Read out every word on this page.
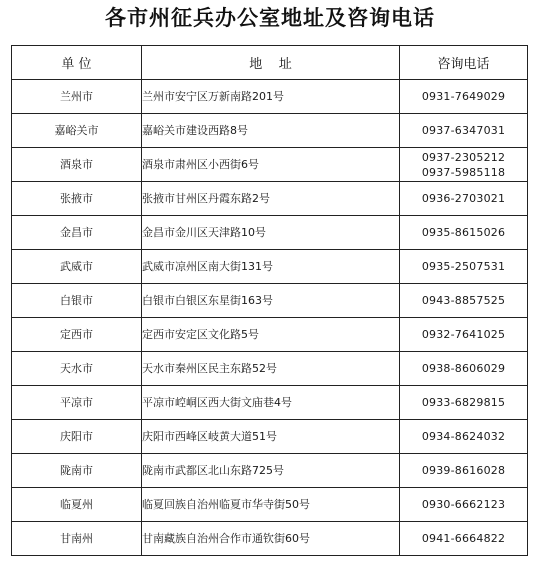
各市州征兵办公室地址及咨询电话
单 位	地    址	咨询电话
兰州市	兰州市安宁区万新南路201号	0931-7649029

嘉峪关市	嘉峪关市建设西路8号	0937-6347031

酒泉市	酒泉市肃州区小西街6号	0937-2305212
0937-5985118

张掖市	张掖市甘州区丹霞东路2号	0936-2703021

金昌市	金昌市金川区天津路10号	0935-8615026

武威市	武威市凉州区南大街131号	0935-2507531

白银市	白银市白银区东星街163号	0943-8857525

定西市	定西市安定区文化路5号	0932-7641025

天水市	天水市秦州区民主东路52号	0938-8606029

平凉市	平凉市崆峒区西大街文庙巷4号	0933-6829815

庆阳市	庆阳市西峰区岐黄大道51号	0934-8624032

陇南市	陇南市武都区北山东路725号	0939-8616028

临夏州	临夏回族自治州临夏市华寺街50号	0930-6662123

甘南州	甘南藏族自治州合作市通钦街60号	0941-6664822
